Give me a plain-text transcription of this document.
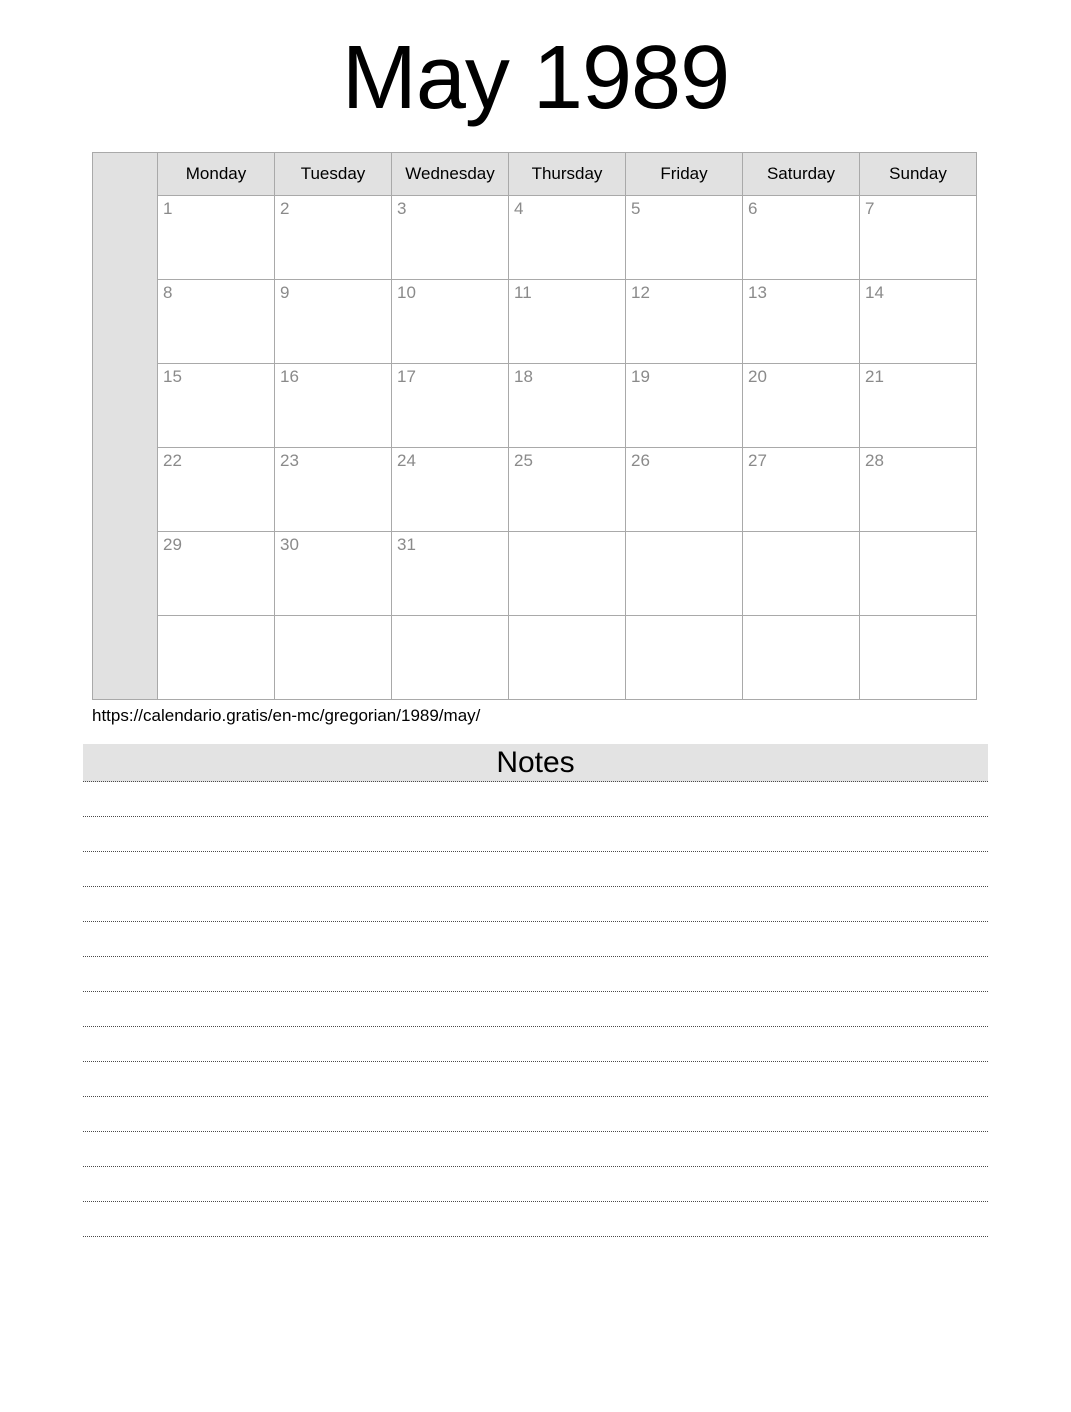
May 1989
	Monday	Tuesday	Wednesday	Thursday	Friday	Saturday	Sunday
	1	2	3	4	5	6	7
	8	9	10	11	12	13	14
	15	16	17	18	19	20	21
	22	23	24	25	26	27	28
	29	30	31				

https://calendario.gratis/en-mc/gregorian/1989/may/
Notes
